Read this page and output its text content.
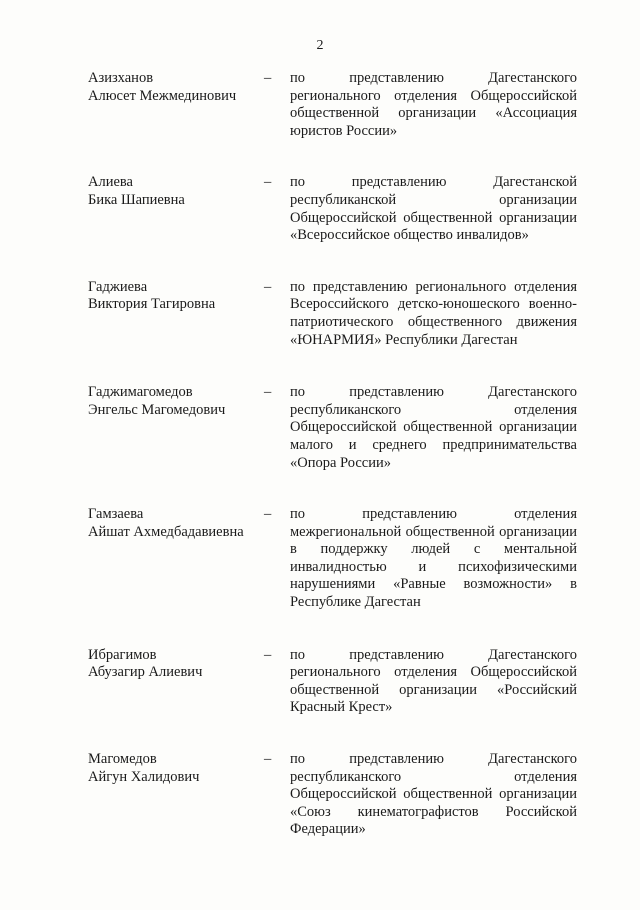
2
Азизханов
Алюсет Межмединович
– по представлению Дагестанского регионального отделения Общероссийской общественной организации «Ассоциация юристов России»
Алиева
Бика Шапиевна
– по представлению Дагестанской республиканской организации Общероссийской общественной организации «Всероссийское общество инвалидов»
Гаджиева
Виктория Тагировна
– по представлению регионального отделения Всероссийского детско-юношеского военно-патриотического общественного движения «ЮНАРМИЯ» Республики Дагестан
Гаджимагомедов
Энгельс Магомедович
– по представлению Дагестанского республиканского отделения Общероссийской общественной организации малого и среднего предпринимательства «Опора России»
Гамзаева
Айшат Ахмедбадавиевна
– по представлению отделения межрегиональной общественной организации в поддержку людей с ментальной инвалидностью и психофизическими нарушениями «Равные возможности» в Республике Дагестан
Ибрагимов
Абузагир Алиевич
– по представлению Дагестанского регионального отделения Общероссийской общественной организации «Российский Красный Крест»
Магомедов
Айгун Халидович
– по представлению Дагестанского республиканского отделения Общероссийской общественной организации «Союз кинематографистов Российской Федерации»
